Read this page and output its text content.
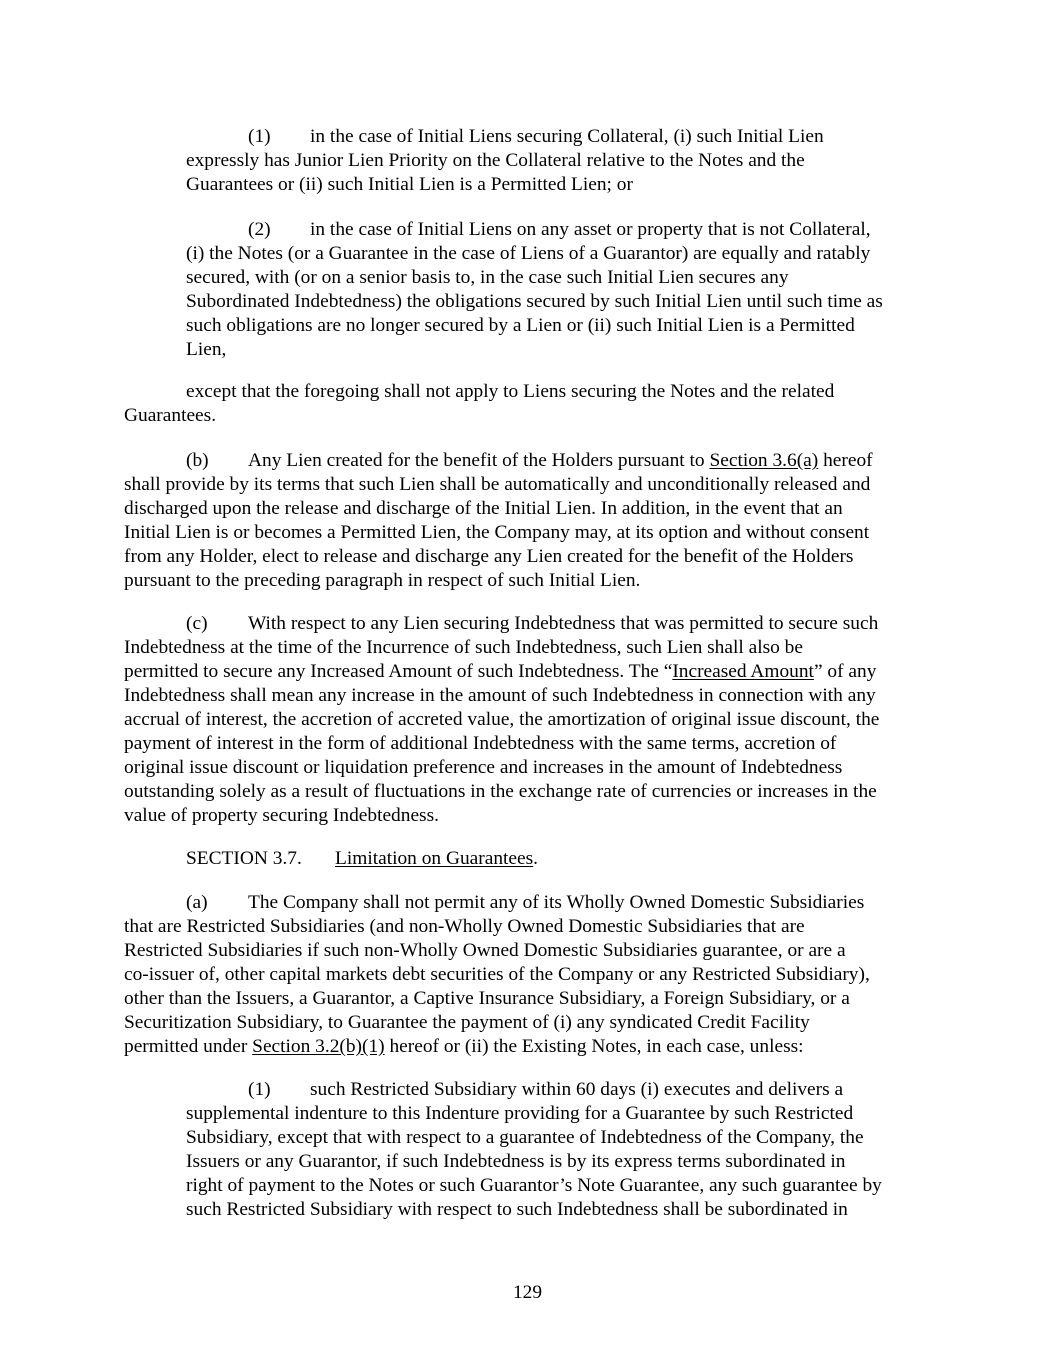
(1) in the case of Initial Liens securing Collateral, (i) such Initial Lien
expressly has Junior Lien Priority on the Collateral relative to the Notes and the
Guarantees or (ii) such Initial Lien is a Permitted Lien; or
(2) in the case of Initial Liens on any asset or property that is not Collateral,
(i) the Notes (or a Guarantee in the case of Liens of a Guarantor) are equally and ratably
secured, with (or on a senior basis to, in the case such Initial Lien secures any
Subordinated Indebtedness) the obligations secured by such Initial Lien until such time as
such obligations are no longer secured by a Lien or (ii) such Initial Lien is a Permitted
Lien,
except that the foregoing shall not apply to Liens securing the Notes and the related
Guarantees.
(b) Any Lien created for the benefit of the Holders pursuant to Section 3.6(a) hereof
shall provide by its terms that such Lien shall be automatically and unconditionally released and
discharged upon the release and discharge of the Initial Lien. In addition, in the event that an
Initial Lien is or becomes a Permitted Lien, the Company may, at its option and without consent
from any Holder, elect to release and discharge any Lien created for the benefit of the Holders
pursuant to the preceding paragraph in respect of such Initial Lien.
(c) With respect to any Lien securing Indebtedness that was permitted to secure such
Indebtedness at the time of the Incurrence of such Indebtedness, such Lien shall also be
permitted to secure any Increased Amount of such Indebtedness. The “Increased Amount” of any
Indebtedness shall mean any increase in the amount of such Indebtedness in connection with any
accrual of interest, the accretion of accreted value, the amortization of original issue discount, the
payment of interest in the form of additional Indebtedness with the same terms, accretion of
original issue discount or liquidation preference and increases in the amount of Indebtedness
outstanding solely as a result of fluctuations in the exchange rate of currencies or increases in the
value of property securing Indebtedness.
SECTION 3.7. Limitation on Guarantees.
(a) The Company shall not permit any of its Wholly Owned Domestic Subsidiaries
that are Restricted Subsidiaries (and non-Wholly Owned Domestic Subsidiaries that are
Restricted Subsidiaries if such non-Wholly Owned Domestic Subsidiaries guarantee, or are a
co-issuer of, other capital markets debt securities of the Company or any Restricted Subsidiary),
other than the Issuers, a Guarantor, a Captive Insurance Subsidiary, a Foreign Subsidiary, or a
Securitization Subsidiary, to Guarantee the payment of (i) any syndicated Credit Facility
permitted under Section 3.2(b)(1) hereof or (ii) the Existing Notes, in each case, unless:
(1) such Restricted Subsidiary within 60 days (i) executes and delivers a
supplemental indenture to this Indenture providing for a Guarantee by such Restricted
Subsidiary, except that with respect to a guarantee of Indebtedness of the Company, the
Issuers or any Guarantor, if such Indebtedness is by its express terms subordinated in
right of payment to the Notes or such Guarantor’s Note Guarantee, any such guarantee by
such Restricted Subsidiary with respect to such Indebtedness shall be subordinated in
129
